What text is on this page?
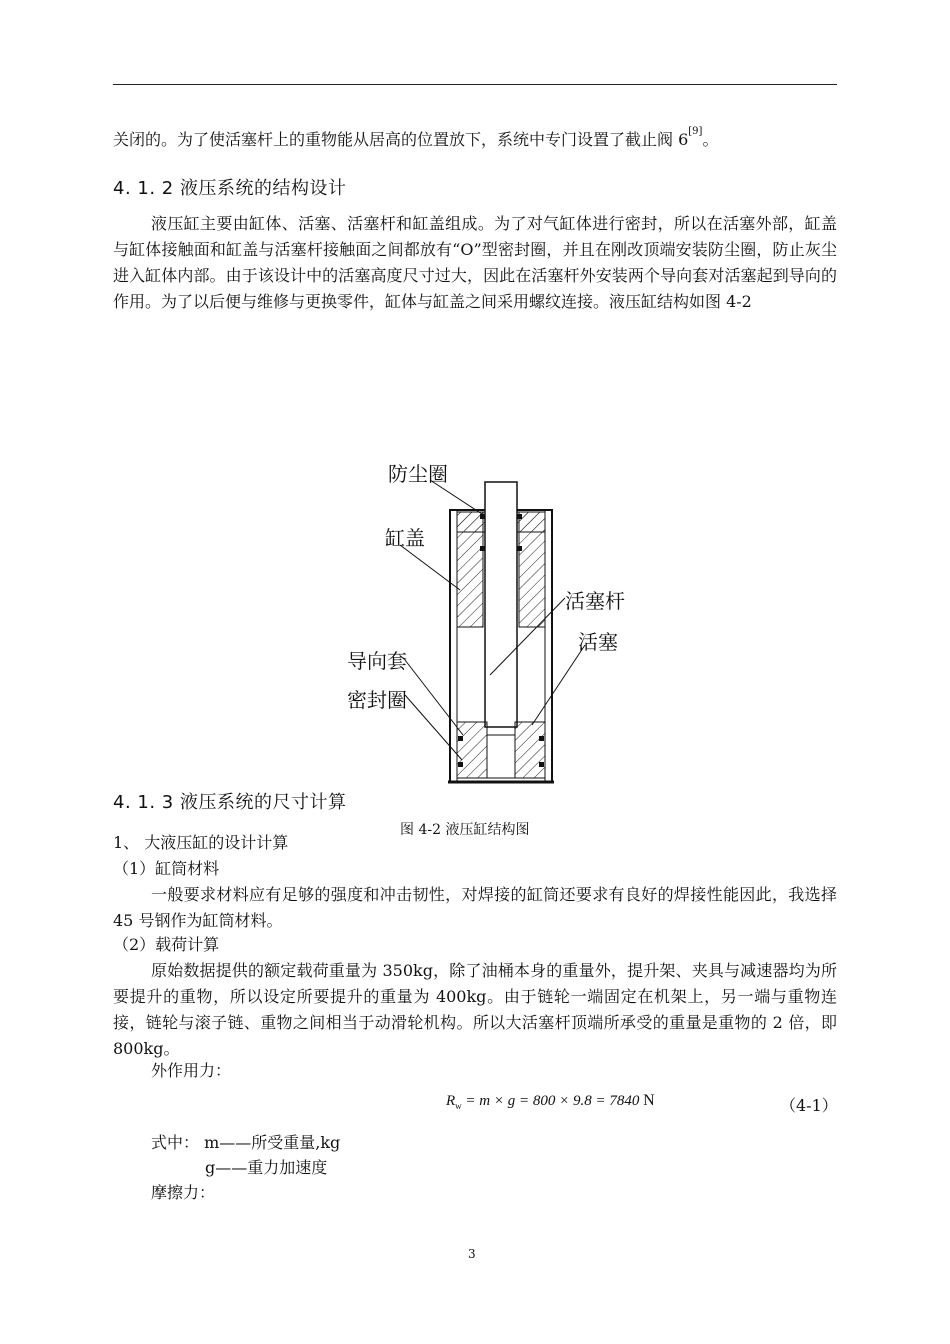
关闭的。为了使活塞杆上的重物能从居高的位置放下，系统中专门设置了截止阀 6[9]。
4. 1. 2 液压系统的结构设计
液压缸主要由缸体、活塞、活塞杆和缸盖组成。为了对气缸体进行密封，所以在活塞外部，缸盖与缸体接触面和缸盖与活塞杆接触面之间都放有“O”型密封圈，并且在刚改顶端安装防尘圈，防止灰尘进入缸体内部。由于该设计中的活塞高度尺寸过大，因此在活塞杆外安装两个导向套对活塞起到导向的作用。为了以后便与维修与更换零件，缸体与缸盖之间采用螺纹连接。液压缸结构如图 4-2
防尘圈
缸盖
活塞杆
活塞
导向套
密封圈
4. 1. 3 液压系统的尺寸计算
图 4-2 液压缸结构图
1、 大液压缸的设计计算
（1）缸筒材料
一般要求材料应有足够的强度和冲击韧性，对焊接的缸筒还要求有良好的焊接性能因此，我选择 45 号钢作为缸筒材料。
（2）载荷计算
原始数据提供的额定载荷重量为 350kg，除了油桶本身的重量外，提升架、夹具与减速器均为所要提升的重物，所以设定所要提升的重量为 400kg。由于链轮一端固定在机架上，另一端与重物连接，链轮与滚子链、重物之间相当于动滑轮机构。所以大活塞杆顶端所承受的重量是重物的 2 倍，即 800kg。
外作用力：
$R_w = m \times g = 800 \times 9.8 = 7840$ N	（4-1）
式中： m——所受重量,kg
g——重力加速度
摩擦力：
3
